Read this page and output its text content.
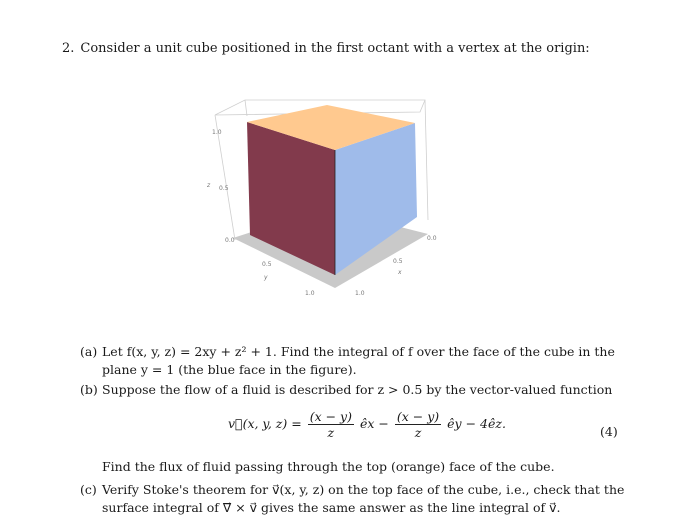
2. Consider a unit cube positioned in the first octant with a vertex at the origin:
1.0
0.5
0.0
z
0.5
y
1.0	1.0
0.5
x
0.0
(a) Let f(x, y, z) = 2xy + z² + 1. Find the integral of f over the face of the cube in the
plane y = 1 (the blue face in the figure).
(b) Suppose the flow of a fluid is described for z > 0.5 by the vector-valued function
v⃗(x, y, $z) = \frac{(x - y)}{z}$ êx − $\frac{(x - y)}{z}$ êy − 4êz.
(4)
Find the flux of fluid passing through the top (orange) face of the cube.
(c) Verify Stoke's theorem for v⃗(x, y, z) on the top face of the cube, i.e., check that the
surface integral of ∇⃗ × v⃗ gives the same answer as the line integral of v⃗.
